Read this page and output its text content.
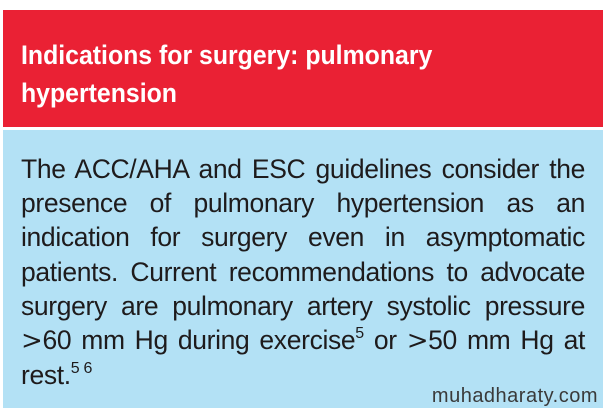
Indications for surgery: pulmonary
hypertension
The ACC/AHA and ESC guidelines consider the
presence of pulmonary hypertension as an
indication for surgery even in asymptomatic
patients. Current recommendations to advocate
surgery are pulmonary artery systolic pressure
>60 mm Hg during exercise$^5$ or >50 mm Hg at
rest.$^{5 6}$
muhadharaty.com
